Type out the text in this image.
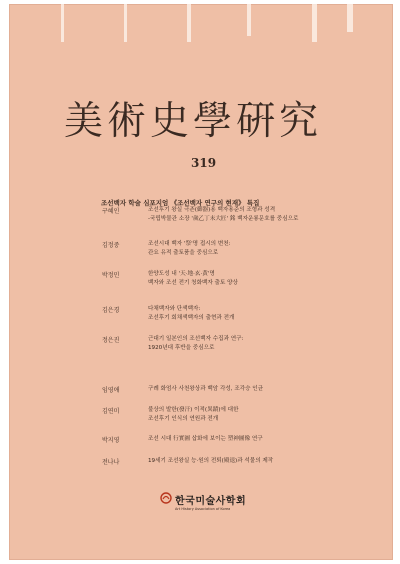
美術史學硏究
319
조선백자 학술 심포지엄 《조선백자 연구의 현재》 특집
구혜인	조선후기 왕실 극존(御器)용 백자용준의 조형과 성격
-국립박물관 소장 '歲乙丁未大匠' 銘 백자운룡문호를 중심으로
김정중	조선시대 백자 '祭'명 접시의 변천:
관요 유적 출토품을 중심으로
박정민	한양도성 내 '天·地·玄·黃'명
백자와 조선 전기 청화백자 출토 양상
김은경	다채백자와 단색백자:
조선후기 회채색백자의 출현과 전개
정은진	근대기 일본인의 조선백자 수집과 연구:
1920년대 후반을 중심으로
임영애	구례 화엄사 사천왕상과 백암 각성, 조각승 인균
김연미	불상의 발한(發汗) 이적(異蹟)에 대한
조선후기 인식의 연원과 전개
박지영	조선 시대 行實圖 삽화에 보이는 塑神圖像 연구
전나나	19세기 조선왕실 능·원의 전퇴(殿退)과 석물의 제작
한국미술사학회
Art History Association of Korea
